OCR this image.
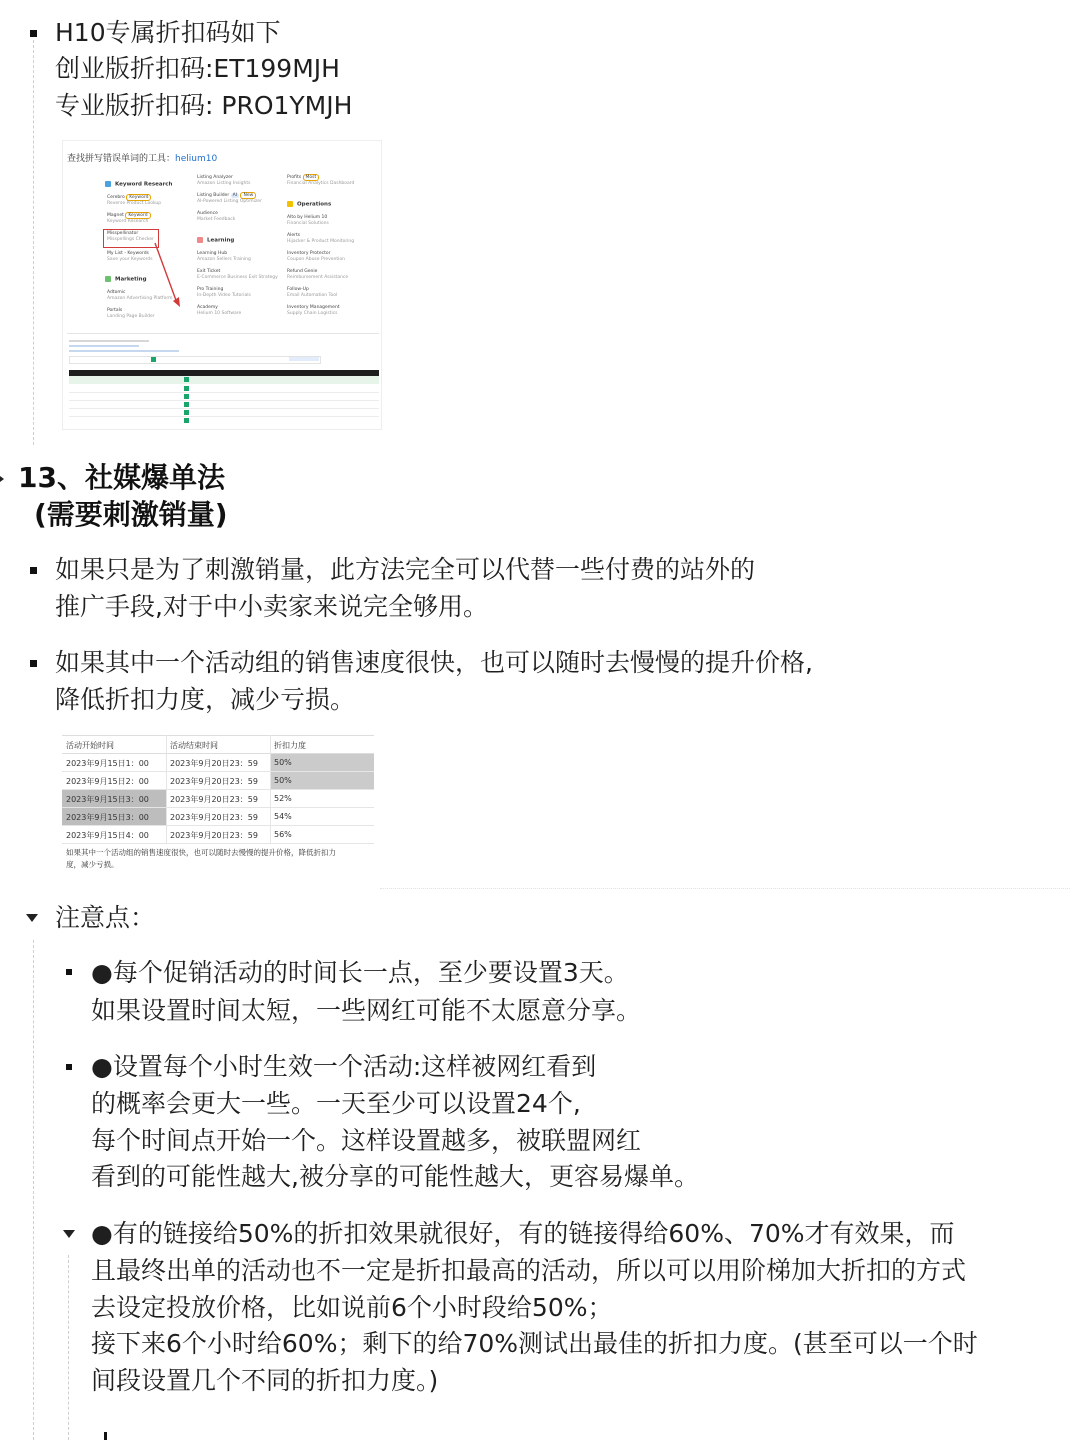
H10专属折扣码如下
创业版折扣码:ET199MJH
专业版折扣码: PRO1YMJH
查找拼写错误单词的工具：helium10
Keyword Research
Cerebro Keyword
Reverse Product Lookup
Magnet Keyword
Keyword Research
Misspellinator
Misspellings Checker
My List - Keywords
Save your Keywords
Marketing
Adtomic
Amazon Advertising Platform
Portals
Landing Page Builder
Listing Analyzer
Amazon Listing Insights
Listing Builder AI New
AI-Powered Listing Optimizer
Audience
Market Feedback
Learning
Learning Hub
Amazon Sellers Training
Exit Ticket
E-Commerce Business Exit Strategy
Pro Training
In-Depth Video Tutorials
Academy
Helium 10 Software
Profits Most
Financial Analytics Dashboard
Operations
Alto by Helium 10
Financial Solutions
Alerts
Hijacker & Product Monitoring
Inventory Protector
Coupon Abuse Prevention
Refund Genie
Reimbursement Assistance
Follow-Up
Email Automation Tool
Inventory Management
Supply Chain Logistics
13、社媒爆单法
(需要刺激销量)
如果只是为了刺激销量，此方法完全可以代替一些付费的站外的
推广手段,对于中小卖家来说完全够用。
如果其中一个活动组的销售速度很快，也可以随时去慢慢的提升价格,
降低折扣力度，减少亏损。
活动开始时间	活动结束时间	折扣力度
2023年9月15日1：00	2023年9月20日23：59 50%
2023年9月15日2：00	2023年9月20日23：59 50%
2023年9月15日3：00	2023年9月20日23：59 52%
2023年9月15日3：00	2023年9月20日23：59 54%
2023年9月15日4：00	2023年9月20日23：59 56%
如果其中一个活动组的销售速度很快，也可以随时去慢慢的提升价格，降低折扣力
度，减少亏损。
注意点：
●每个促销活动的时间长一点，至少要设置3天。
如果设置时间太短，一些网红可能不太愿意分享。
●设置每个小时生效一个活动:这样被网红看到
的概率会更大一些。一天至少可以设置24个,
每个时间点开始一个。这样设置越多，被联盟网红
看到的可能性越大,被分享的可能性越大，更容易爆单。
●有的链接给50%的折扣效果就很好，有的链接得给60%、70%才有效果，而
且最终出单的活动也不一定是折扣最高的活动，所以可以用阶梯加大折扣的方式
去设定投放价格，比如说前6个小时段给50%；
接下来6个小时给60%；剩下的给70%测试出最佳的折扣力度。(甚至可以一个时
间段设置几个不同的折扣力度。)
